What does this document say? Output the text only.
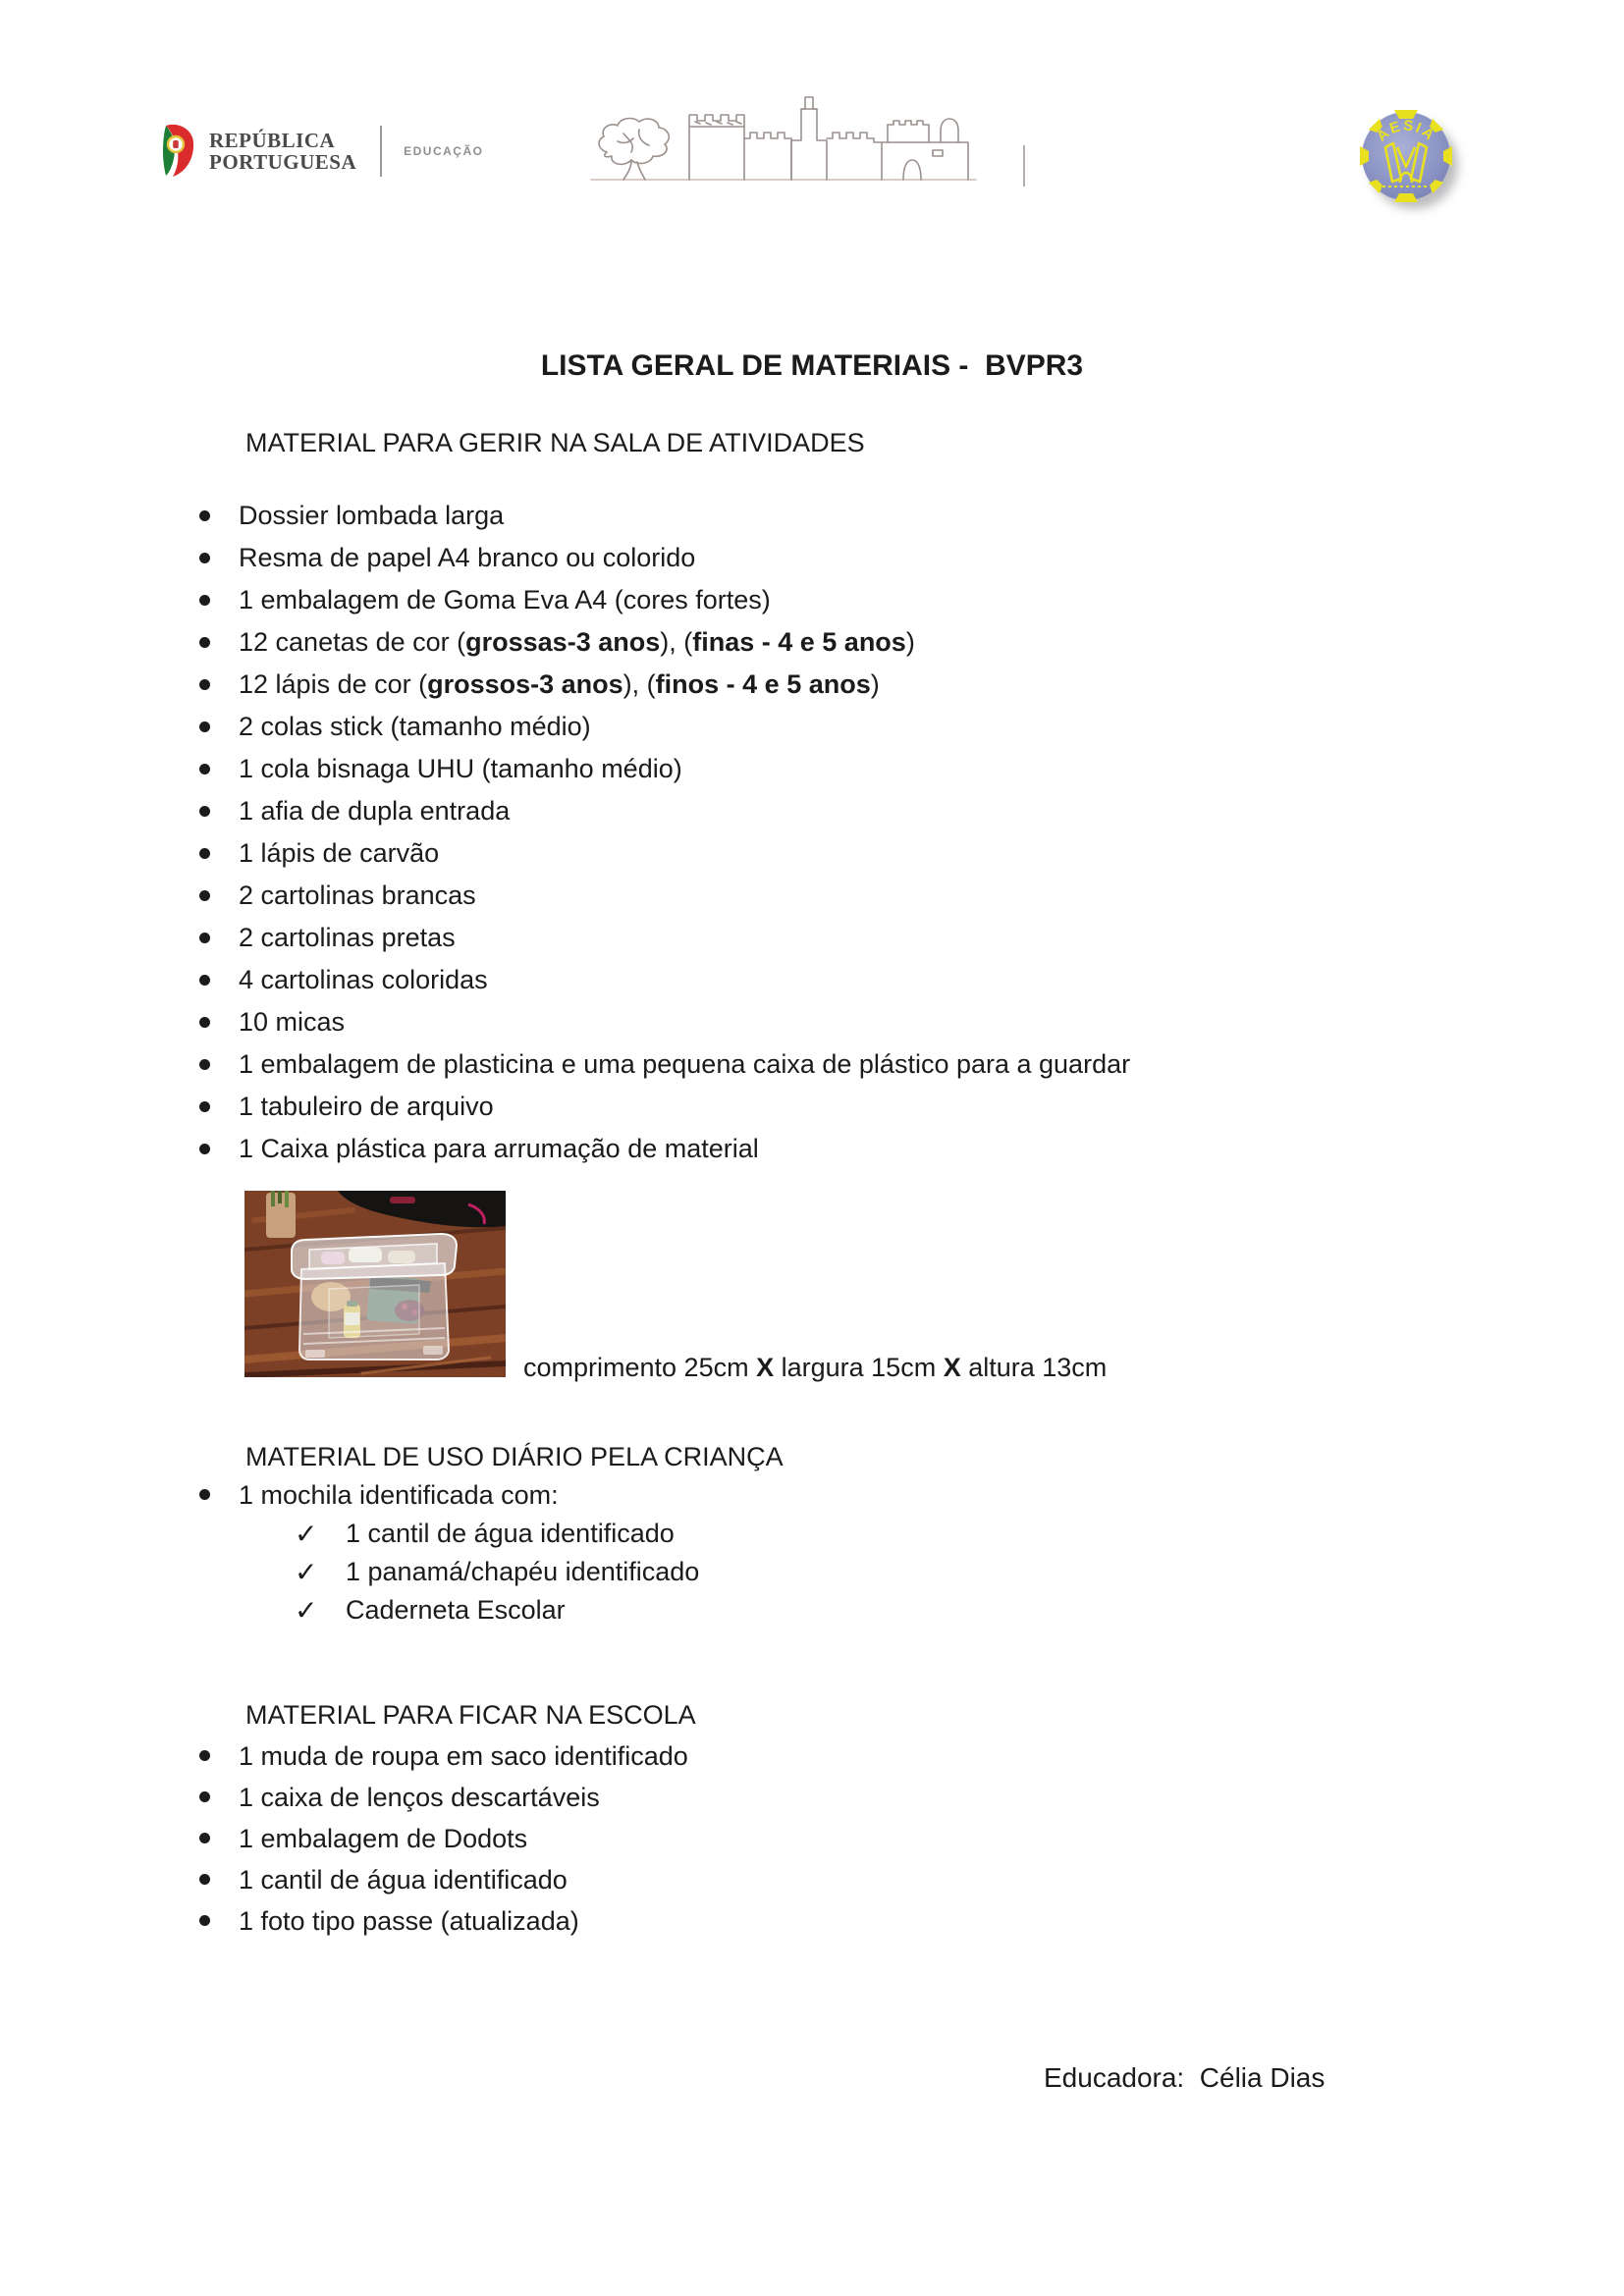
REPÚBLICA
PORTUGUESA	EDUCAÇÃO
AESIA
LISTA GERAL DE MATERIAIS -  BVPR3
MATERIAL PARA GERIR NA SALA DE ATIVIDADES
Dossier lombada larga
Resma de papel A4 branco ou colorido
1 embalagem de Goma Eva A4 (cores fortes)
12 canetas de cor (grossas-3 anos), (finas - 4 e 5 anos)
12 lápis de cor (grossos-3 anos), (finos - 4 e 5 anos)
2 colas stick (tamanho médio)
1 cola bisnaga UHU (tamanho médio)
1 afia de dupla entrada
1 lápis de carvão
2 cartolinas brancas
2 cartolinas pretas
4 cartolinas coloridas
10 micas
1 embalagem de plasticina e uma pequena caixa de plástico para a guardar
1 tabuleiro de arquivo
1 Caixa plástica para arrumação de material
comprimento 25cm X largura 15cm X altura 13cm
MATERIAL DE USO DIÁRIO PELA CRIANÇA
1 mochila identificada com:
✓ 1 cantil de água identificado
✓ 1 panamá/chapéu identificado
✓ Caderneta Escolar
MATERIAL PARA FICAR NA ESCOLA
1 muda de roupa em saco identificado
1 caixa de lenços descartáveis
1 embalagem de Dodots
1 cantil de água identificado
1 foto tipo passe (atualizada)
Educadora:  Célia Dias
